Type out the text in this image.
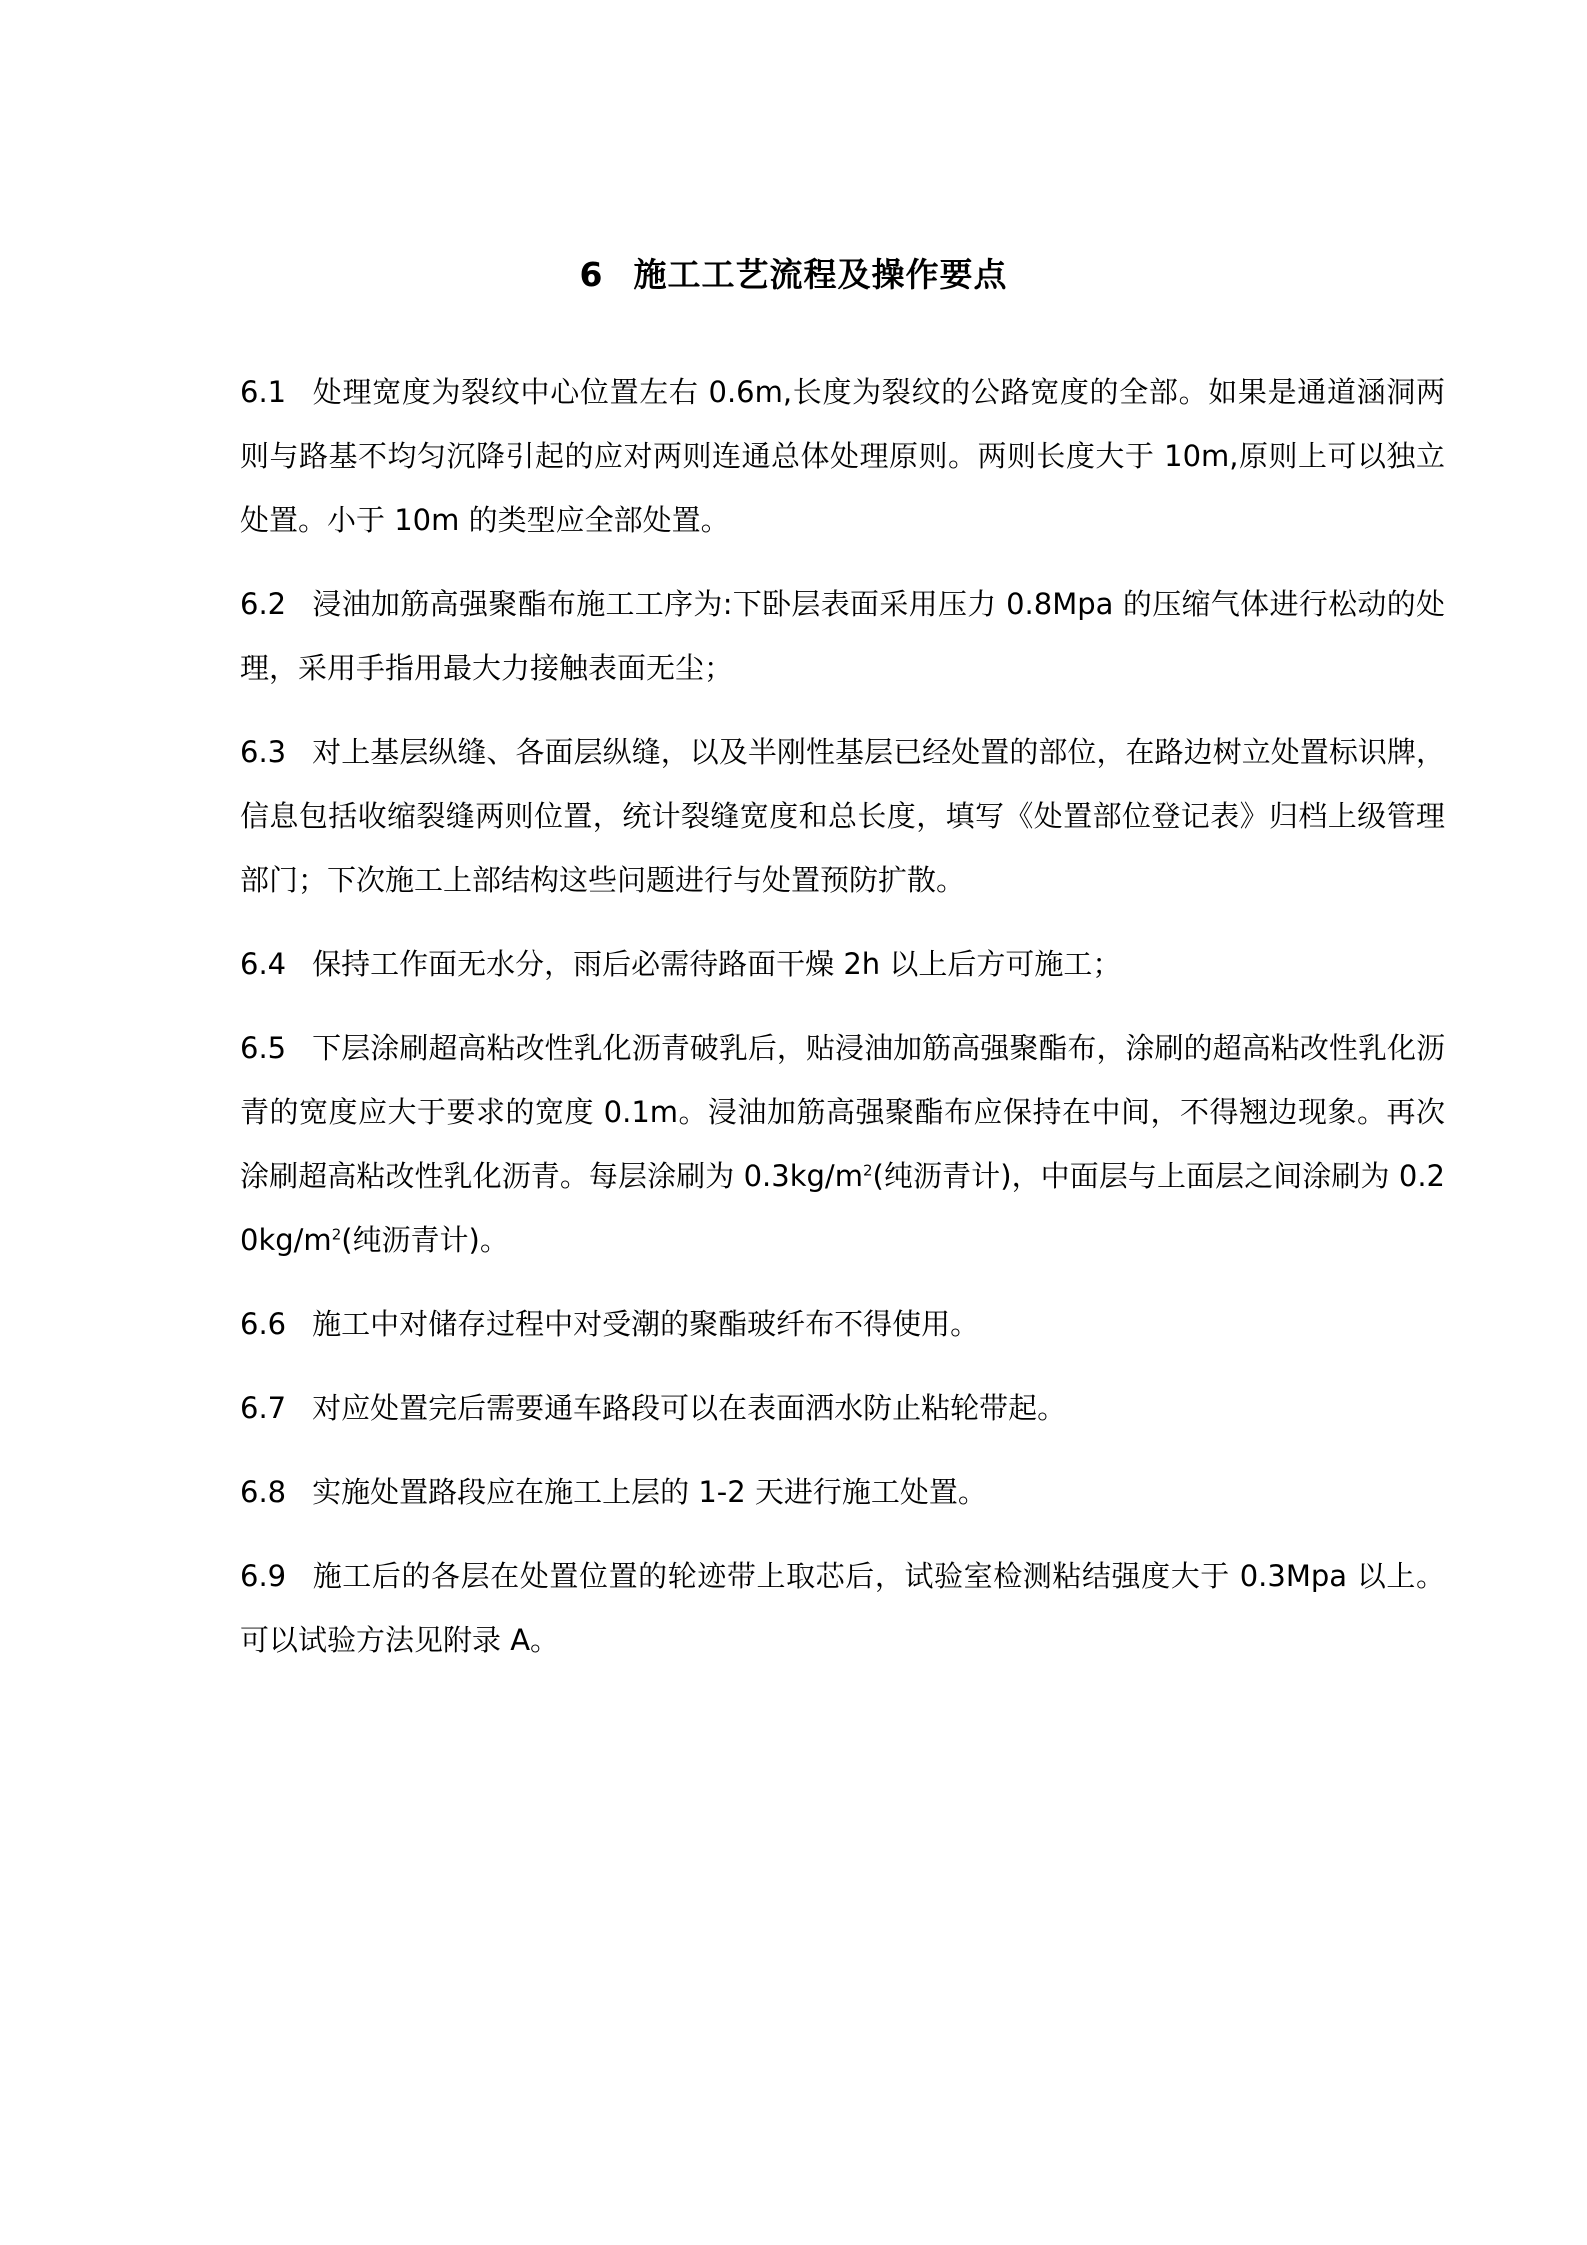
6 施工工艺流程及操作要点

6.1 处理宽度为裂纹中心位置左右 0.6m,长度为裂纹的公路宽度的全部。如果是通道涵洞两则与路基不均匀沉降引起的应对两则连通总体处理原则。两则长度大于 10m,原则上可以独立处置。小于 10m 的类型应全部处置。

6.2 浸油加筋高强聚酯布施工工序为:下卧层表面采用压力 0.8Mpa 的压缩气体进行松动的处理，采用手指用最大力接触表面无尘；

6.3 对上基层纵缝、各面层纵缝，以及半刚性基层已经处置的部位，在路边树立处置标识牌，信息包括收缩裂缝两则位置，统计裂缝宽度和总长度，填写《处置部位登记表》归档上级管理部门；下次施工上部结构这些问题进行与处置预防扩散。

6.4 保持工作面无水分，雨后必需待路面干燥 2h 以上后方可施工；

6.5 下层涂刷超高粘改性乳化沥青破乳后，贴浸油加筋高强聚酯布，涂刷的超高粘改性乳化沥青的宽度应大于要求的宽度 0.1m。浸油加筋高强聚酯布应保持在中间，不得翘边现象。再次涂刷超高粘改性乳化沥青。每层涂刷为 $0.3kg/m^2$(纯沥青计)，中面层与上面层之间涂刷为 $0.20kg/m^2$(纯沥青计)。

6.6 施工中对储存过程中对受潮的聚酯玻纤布不得使用。

6.7 对应处置完后需要通车路段可以在表面洒水防止粘轮带起。

6.8 实施处置路段应在施工上层的 1-2 天进行施工处置。

6.9 施工后的各层在处置位置的轮迹带上取芯后，试验室检测粘结强度大于 0.3Mpa 以上。可以试验方法见附录 A。
